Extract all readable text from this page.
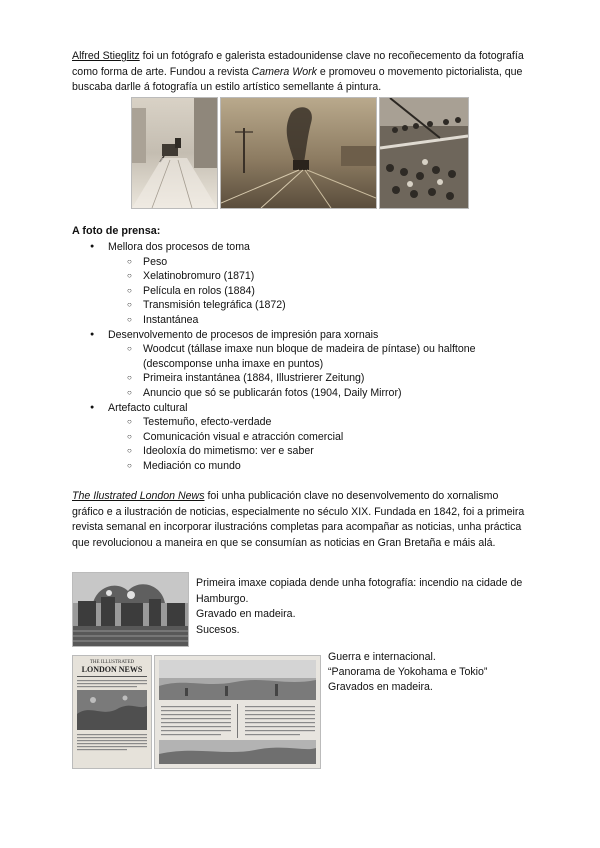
Alfred Stieglitz foi un fotógrafo e galerista estadounidense clave no recoñecemento da fotografía como forma de arte. Fundou a revista Camera Work e promoveu o movemento pictorialista, que buscaba darlle á fotografía un estilo artístico semellante á pintura.

A foto de prensa:
● Mellora dos procesos de toma
○ Peso
○ Xelatinobromuro (1871)
○ Película en rolos (1884)
○ Transmisión telegráfica (1872)
○ Instantánea
● Desenvolvemento de procesos de impresión para xornais
○ Woodcut (tállase imaxe nun bloque de madeira de píntase) ou halftone (descomponse unha imaxe en puntos)
○ Primeira instantánea (1884, Illustrierer Zeitung)
○ Anuncio que só se publicarán fotos (1904, Daily Mirror)
● Artefacto cultural
○ Testemuño, efecto-verdade
○ Comunicación visual e atracción comercial
○ Ideoloxía do mimetismo: ver e saber
○ Mediación co mundo

The Ilustrated London News foi unha publicación clave no desenvolvemento do xornalismo gráfico e a ilustración de noticias, especialmente no século XIX. Fundada en 1842, foi a primeira revista semanal en incorporar ilustracións completas para acompañar as noticias, unha práctica que revolucionou a maneira en que se consumían as noticias en Gran Bretaña e máis alá.

Primeira imaxe copiada dende unha fotografía: incendio na cidade de Hamburgo.
Gravado en madeira.
Sucesos.
THE ILLUSTRATED
LONDON NEWS
Guerra e internacional.
“Panorama de Yokohama e Tokio”
Gravados en madeira.
